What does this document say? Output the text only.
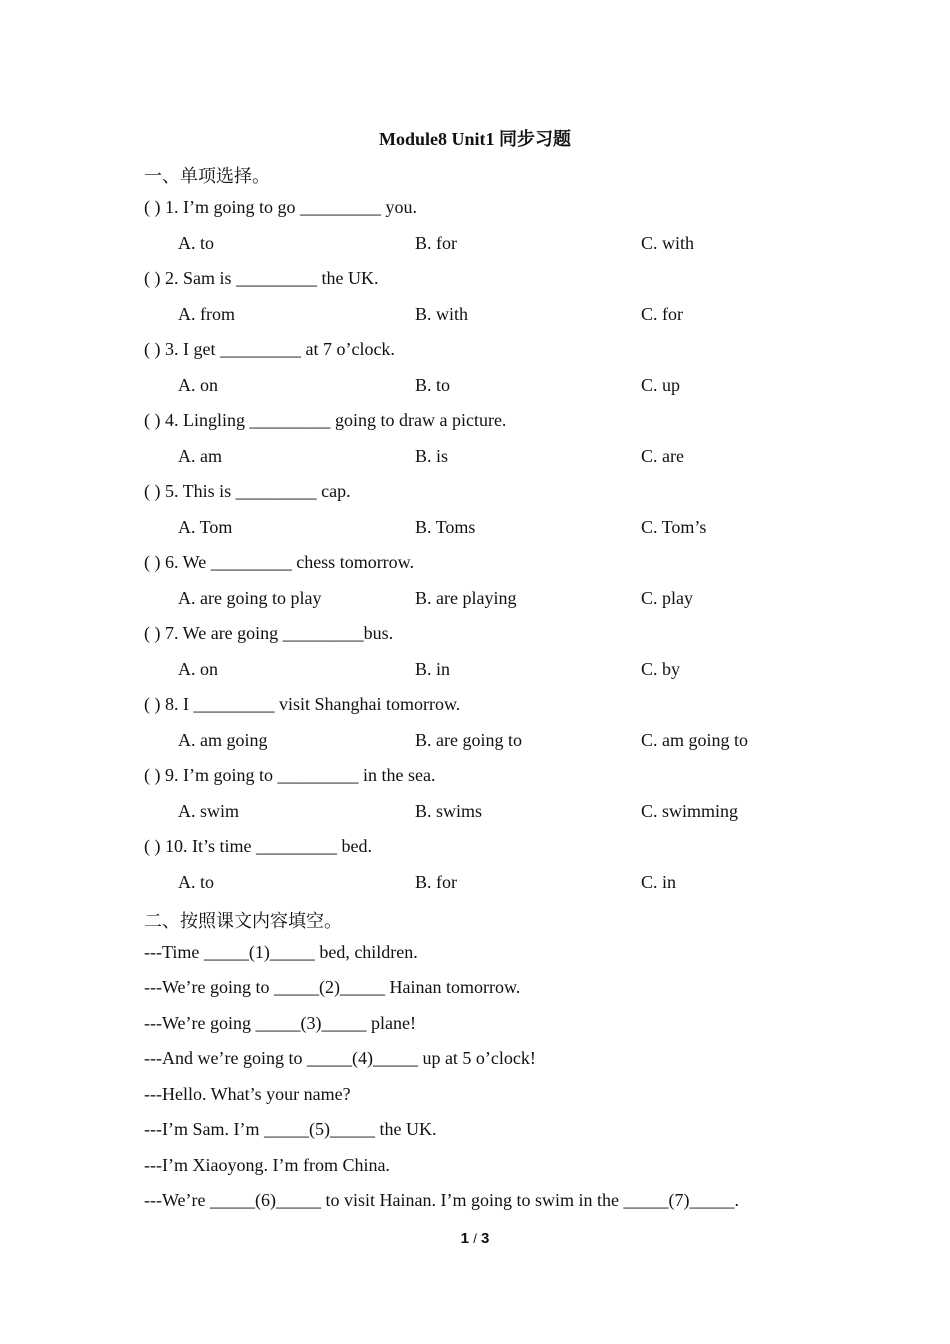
Module8 Unit1 同步习题
一、单项选择。
( ) 1. I’m going to go _________ you.
A. to	B. for	C. with
( ) 2. Sam is _________ the UK.
A. from	B. with	C. for
( ) 3. I get _________ at 7 o’clock.
A. on	B. to	C. up
( ) 4. Lingling _________ going to draw a picture.
A. am	B. is	C. are
( ) 5. This is _________ cap.
A. Tom	B. Toms	C. Tom’s
( ) 6. We _________ chess tomorrow.
A. are going to play	B. are playing	C. play
( ) 7. We are going _________bus.
A. on	B. in	C. by
( ) 8. I _________ visit Shanghai tomorrow.
A. am going	B. are going to	C. am going to
( ) 9. I’m going to _________ in the sea.
A. swim	B. swims	C. swimming
( ) 10. It’s time _________ bed.
A. to	B. for	C. in
二、按照课文内容填空。
---Time _____(1)_____ bed, children.
---We’re going to _____(2)_____ Hainan tomorrow.
---We’re going _____(3)_____ plane!
---And we’re going to _____(4)_____ up at 5 o’clock!
---Hello. What’s your name?
---I’m Sam. I’m _____(5)_____ the UK.
---I’m Xiaoyong. I’m from China.
---We’re _____(6)_____ to visit Hainan. I’m going to swim in the _____(7)_____.
1 / 3
